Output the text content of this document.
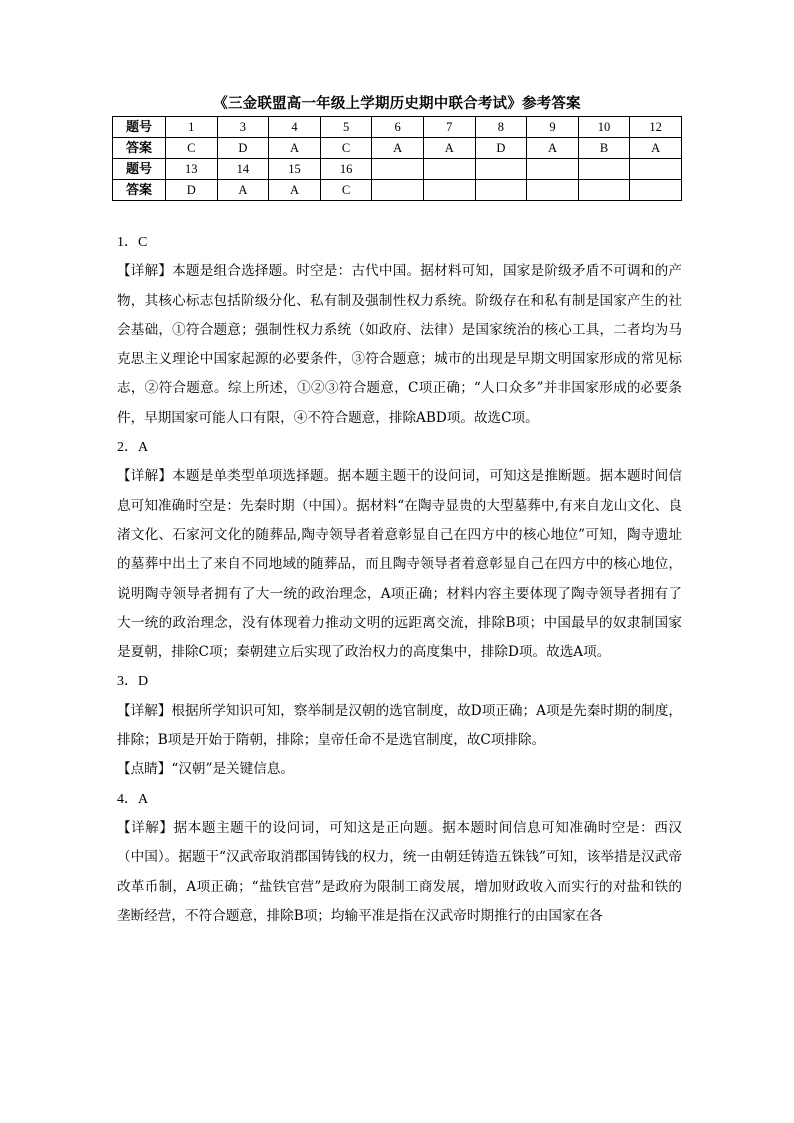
《三金联盟高一年级上学期历史期中联合考试》参考答案
题号	1	3	4	5	6	7	8	9	10	12
答案	C	D	A	C	A	A	D	A	B	A
题号	13	14	15	16						
答案	D	A	A	C						

1．C

【详解】本题是组合选择题。时空是：古代中国。据材料可知，国家是阶级矛盾不可调和的产物，其核心标志包括阶级分化、私有制及强制性权力系统。阶级存在和私有制是国家产生的社会基础，①符合题意；强制性权力系统（如政府、法律）是国家统治的核心工具，二者均为马克思主义理论中国家起源的必要条件，③符合题意；城市的出现是早期文明国家形成的常见标志，②符合题意。综上所述，①②③符合题意，C项正确；“人口众多”并非国家形成的必要条件，早期国家可能人口有限，④不符合题意，排除ABD项。故选C项。

2．A

【详解】本题是单类型单项选择题。据本题主题干的设问词，可知这是推断题。据本题时间信息可知准确时空是：先秦时期（中国）。据材料“在陶寺显贵的大型墓葬中,有来自龙山文化、良渚文化、石家河文化的随葬品,陶寺领导者着意彰显自己在四方中的核心地位”可知，陶寺遗址的墓葬中出土了来自不同地域的随葬品，而且陶寺领导者着意彰显自己在四方中的核心地位，说明陶寺领导者拥有了大一统的政治理念，A项正确；材料内容主要体现了陶寺领导者拥有了大一统的政治理念，没有体现着力推动文明的远距离交流，排除B项；中国最早的奴隶制国家是夏朝，排除C项；秦朝建立后实现了政治权力的高度集中，排除D项。故选A项。

3．D

【详解】根据所学知识可知，察举制是汉朝的选官制度，故D项正确；A项是先秦时期的制度，排除；B项是开始于隋朝，排除；皇帝任命不是选官制度，故C项排除。

【点睛】“汉朝”是关键信息。

4．A

【详解】据本题主题干的设问词，可知这是正向题。据本题时间信息可知准确时空是：西汉（中国）。据题干“汉武帝取消郡国铸钱的权力，统一由朝廷铸造五铢钱”可知，该举措是汉武帝改革币制，A项正确；“盐铁官营”是政府为限制工商发展，增加财政收入而实行的对盐和铁的垄断经营，不符合题意，排除B项；均输平准是指在汉武帝时期推行的由国家在各
